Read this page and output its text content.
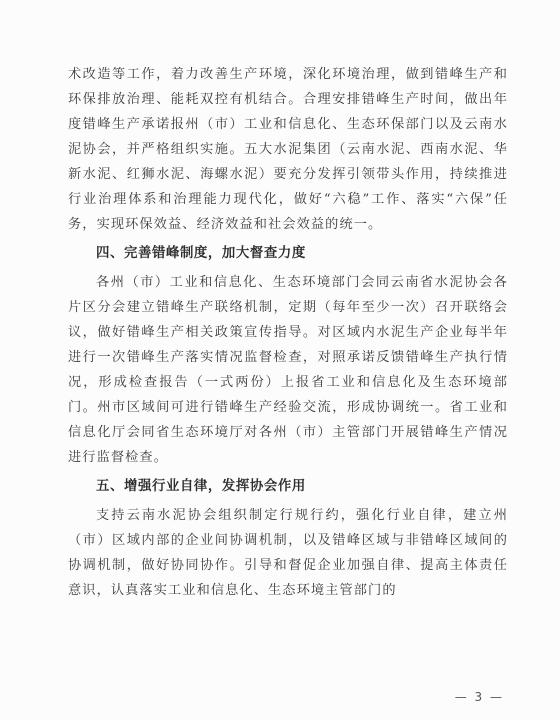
术改造等工作，着力改善生产环境，深化环境治理，做到错峰生产和环保排放治理、能耗双控有机结合。合理安排错峰生产时间，做出年度错峰生产承诺报州（市）工业和信息化、生态环保部门以及云南水泥协会，并严格组织实施。五大水泥集团（云南水泥、西南水泥、华新水泥、红狮水泥、海螺水泥）要充分发挥引领带头作用，持续推进行业治理体系和治理能力现代化，做好“六稳”工作、落实“六保”任务，实现环保效益、经济效益和社会效益的统一。

四、完善错峰制度，加大督查力度

各州（市）工业和信息化、生态环境部门会同云南省水泥协会各片区分会建立错峰生产联络机制，定期（每年至少一次）召开联络会议，做好错峰生产相关政策宣传指导。对区域内水泥生产企业每半年进行一次错峰生产落实情况监督检查，对照承诺反馈错峰生产执行情况，形成检查报告（一式两份）上报省工业和信息化及生态环境部门。州市区域间可进行错峰生产经验交流，形成协调统一。省工业和信息化厅会同省生态环境厅对各州（市）主管部门开展错峰生产情况进行监督检查。

五、增强行业自律，发挥协会作用

支持云南水泥协会组织制定行规行约，强化行业自律，建立州（市）区域内部的企业间协调机制，以及错峰区域与非错峰区域间的协调机制，做好协同协作。引导和督促企业加强自律、提高主体责任意识，认真落实工业和信息化、生态环境主管部门的

— 3 —
